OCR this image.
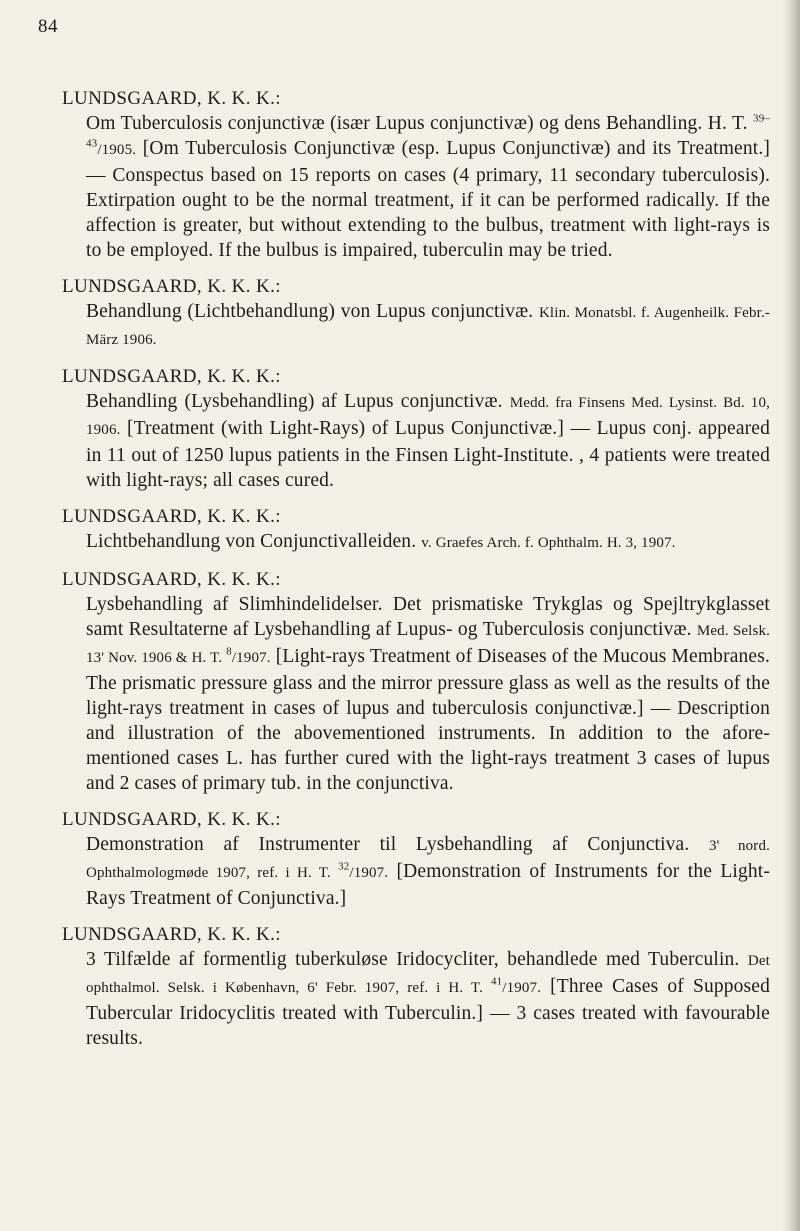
84
LUNDSGAARD, K. K. K.:
Om Tuberculosis conjunctivæ (især Lupus conjunctivæ) og dens Behandling. H. T. $^{39-43}$/1905. [Om Tuberculosis Conjunctivæ (esp. Lupus Conjunctivæ) and its Treatment.] — Conspectus based on 15 reports on cases (4 primary, 11 secondary tuberculosis). Extirpation ought to be the normal treatment, if it can be performed radically. If the affection is greater, but without extending to the bulbus, treatment with light-rays is to be employed. If the bulbus is impaired, tuberculin may be tried.
LUNDSGAARD, K. K. K.:
Behandlung (Lichtbehandlung) von Lupus conjunctivæ. Klin. Monatsbl. f. Augenheilk. Febr.-März 1906.
LUNDSGAARD, K. K. K.:
Behandling (Lysbehandling) af Lupus conjunctivæ. Medd. fra Finsens Med. Lysinst. Bd. 10, 1906. [Treatment (with Light-Rays) of Lupus Conjunctivæ.] — Lupus conj. appeared in 11 out of 1250 lupus patients in the Finsen Light-Institute. , 4 patients were treated with light-rays; all cases cured.
LUNDSGAARD, K. K. K.:
Lichtbehandlung von Conjunctivalleiden. v. Graefes Arch. f. Ophthalm. H. 3, 1907.
LUNDSGAARD, K. K. K.:
Lysbehandling af Slimhindelidelser. Det prismatiske Trykglas og Spejltrykglasset samt Resultaterne af Lysbehandling af Lupus- og Tuberculosis conjunctivæ. Med. Selsk. 13' Nov. 1906 & H. T. $^8$/1907. [Light-rays Treatment of Diseases of the Mucous Membranes. The prismatic pressure glass and the mirror pressure glass as well as the results of the light-rays treatment in cases of lupus and tuberculosis conjunctivæ.] — Description and illustration of the abovementioned instruments. In addition to the afore-mentioned cases L. has further cured with the light-rays treatment 3 cases of lupus and 2 cases of primary tub. in the conjunctiva.
LUNDSGAARD, K. K. K.:
Demonstration af Instrumenter til Lysbehandling af Conjunctiva. 3' nord. Ophthalmologmøde 1907, ref. i H. T. $^{32}$/1907. [Demonstration of Instruments for the Light-Rays Treatment of Conjunctiva.]
LUNDSGAARD, K. K. K.:
3 Tilfælde af formentlig tuberkuløse Iridocycliter, behandlede med Tuberculin. Det ophthalmol. Selsk. i København, 6' Febr. 1907, ref. i H. T. $^{41}$/1907. [Three Cases of Supposed Tubercular Iridocyclitis treated with Tuberculin.] — 3 cases treated with favourable results.
